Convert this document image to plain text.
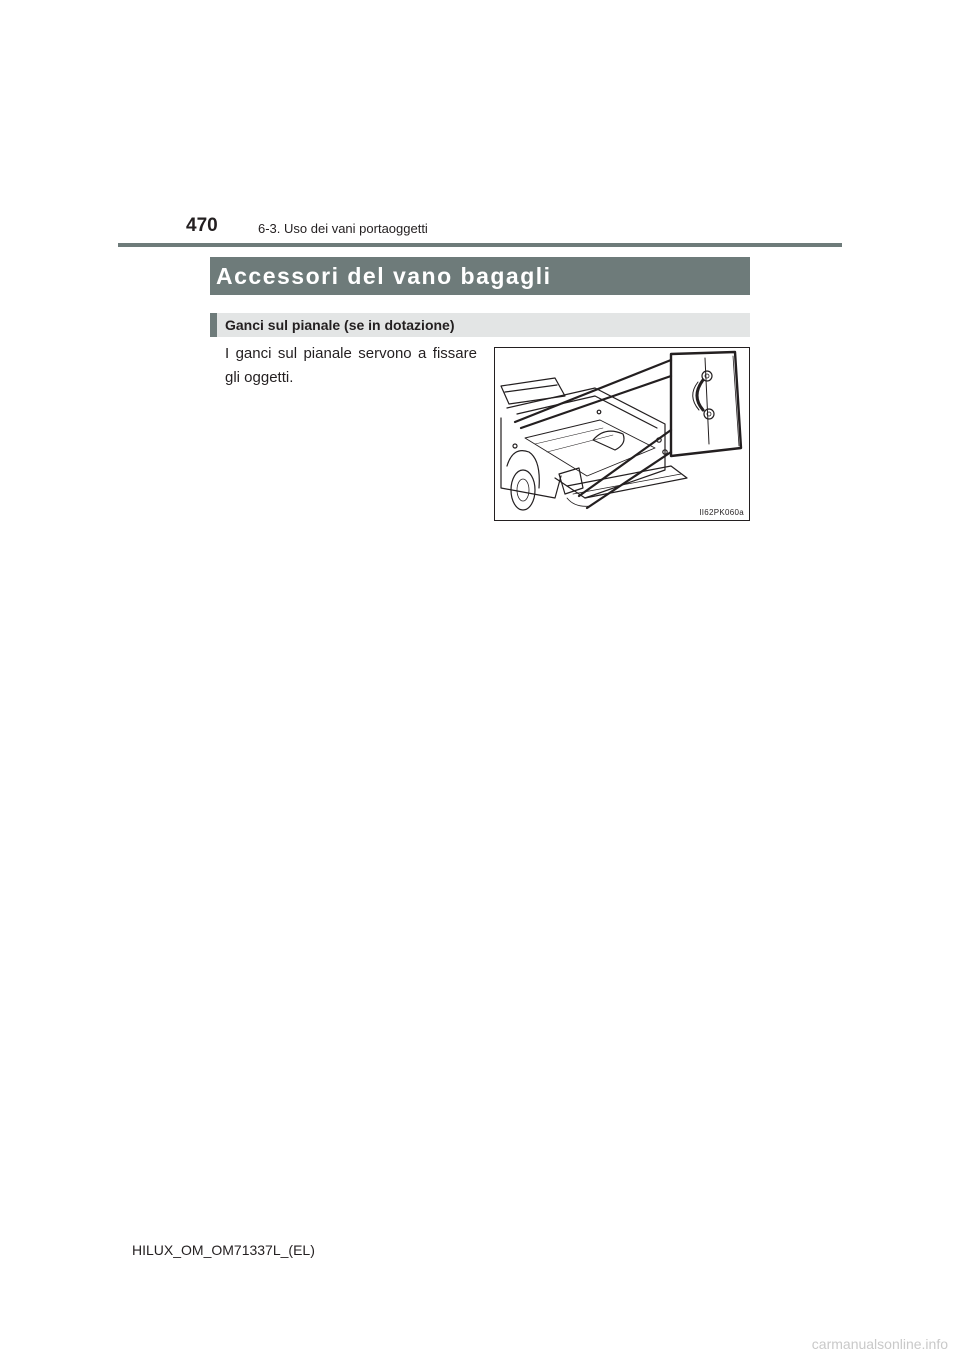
470	6-3. Uso dei vani portaoggetti
Accessori del vano bagagli
Ganci sul pianale (se in dotazione)

I ganci sul pianale servono a fissare gli oggetti.

II62PK060a
HILUX_OM_OM71337L_(EL)
carmanualsonline.info
